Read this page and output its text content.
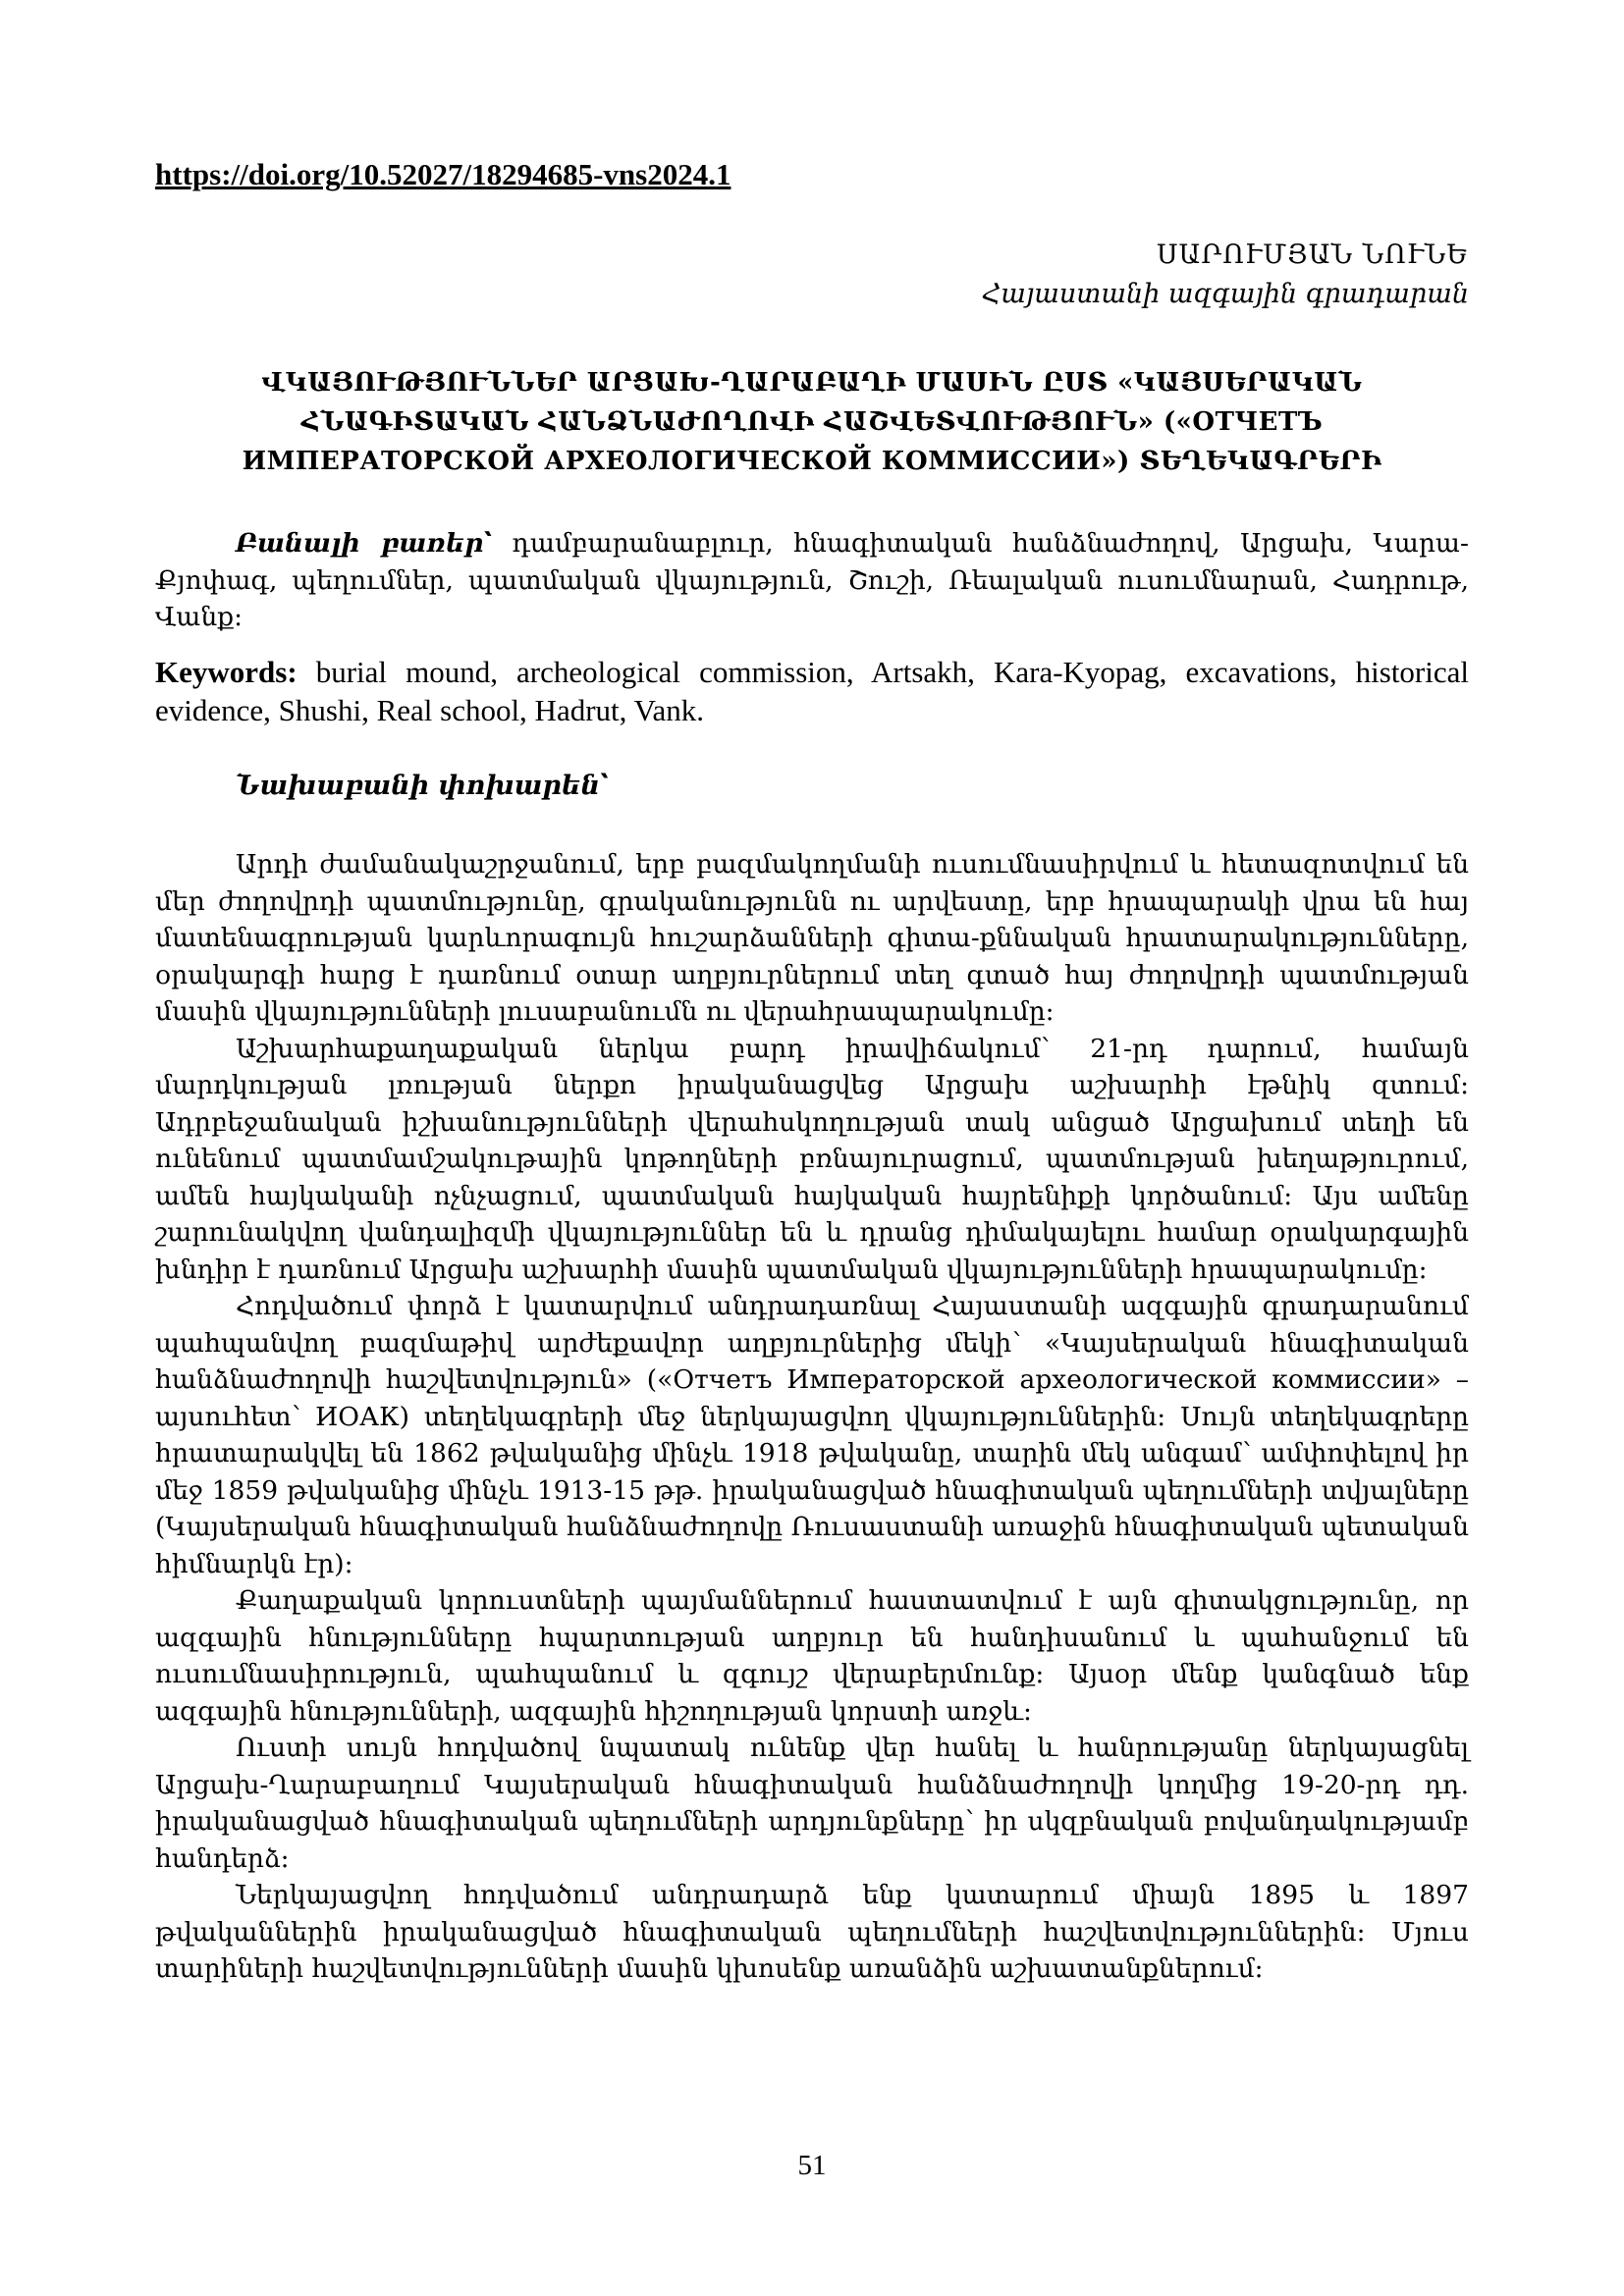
https://doi.org/10.52027/18294685-vns2024.1
ՍԱՐՈՒՄՅԱՆ ՆՈՒՆԵ
Հայաստանի ազգային գրադարան
ՎԿԱՅՈՒԹՅՈՒՆՆԵՐ ԱՐՑԱԽ-ՂԱՐԱԲԱՂԻ ՄԱՍԻՆ ԸՍՏ «ԿԱՅՍԵՐԱԿԱՆ ՀՆԱԳԻՏԱԿԱՆ ՀԱՆՁՆԱԺՈՂՈՎԻ ՀԱՇՎԵՏՎՈՒԹՅՈՒՆ» («ОТЧЕТЪ ИМПЕРАТОРСКОЙ АРХЕОЛОГИЧЕСКОЙ КОММИССИИ») ՏԵՂԵԿԱԳՐԵՐԻ
Բանալի բառեր՝ դամբարանաբլուր, հնագիտական հանձնաժողով, Արցախ, Կարա-Քյոփագ, պեղումներ, պատմական վկայություն, Շուշի, Ռեալական ուսումնարան, Հադրութ, Վանք:
Keywords: burial mound, archeological commission, Artsakh, Kara-Kyopag, excavations, historical evidence, Shushi, Real school, Hadrut, Vank.
Նախաբանի փոխարեն՝

Արդի ժամանակաշրջանում, երբ բազմակողմանի ուսումնասիրվում և հետազոտվում են մեր ժողովրդի պատմությունը, գրականությունն ու արվեստը, երբ հրապարակի վրա են հայ մատենագրության կարևորագույն հուշարձանների գիտա-քննական հրատարակությունները, օրակարգի հարց է դառնում օտար աղբյուրներում տեղ գտած հայ ժողովրդի պատմության մասին վկայությունների լուսաբանումն ու վերահրապարակումը:

Աշխարհաքաղաքական ներկա բարդ իրավիճակում՝ 21-րդ դարում, համայն մարդկության լռության ներքո իրականացվեց Արցախ աշխարհի էթնիկ զտում: Ադրբեջանական իշխանությունների վերահսկողության տակ անցած Արցախում տեղի են ունենում պատմամշակութային կոթողների բռնայուրացում, պատմության խեղաթյուրում, ամեն հայկականի ոչնչացում, պատմական հայկական հայրենիքի կործանում: Այս ամենը շարունակվող վանդալիզմի վկայություններ են և դրանց դիմակայելու համար օրակարգային խնդիր է դառնում Արցախ աշխարհի մասին պատմական վկայությունների հրապարակումը:

Հոդվածում փորձ է կատարվում անդրադառնալ Հայաստանի ազգային գրադարանում պահպանվող բազմաթիվ արժեքավոր աղբյուրներից մեկի՝ «Կայսերական հնագիտական հանձնաժողովի հաշվետվություն» («Отчетъ Императорской археологической коммиссии» – այսուհետ՝ ИОАК) տեղեկագրերի մեջ ներկայացվող վկայություններին: Սույն տեղեկագրերը հրատարակվել են 1862 թվականից մինչև 1918 թվականը, տարին մեկ անգամ՝ ամփոփելով իր մեջ 1859 թվականից մինչև 1913-15 թթ. իրականացված հնագիտական պեղումների տվյալները (Կայսերական հնագիտական հանձնաժողովը Ռուսաստանի առաջին հնագիտական պետական հիմնարկն էր):

Քաղաքական կորուստների պայմաններում հաստատվում է այն գիտակցությունը, որ ազգային հնությունները հպարտության աղբյուր են հանդիսանում և պահանջում են ուսումնասիրություն, պահպանում և զգույշ վերաբերմունք: Այսօր մենք կանգնած ենք ազգային հնությունների, ազգային հիշողության կորստի առջև:

Ուստի սույն հոդվածով նպատակ ունենք վեր հանել և հանրությանը ներկայացնել Արցախ-Ղարաբաղում Կայսերական հնագիտական հանձնաժողովի կողմից 19-20-րդ դդ. իրականացված հնագիտական պեղումների արդյունքները՝ իր սկզբնական բովանդակությամբ հանդերձ:

Ներկայացվող հոդվածում անդրադարձ ենք կատարում միայն 1895 և 1897 թվականներին իրականացված հնագիտական պեղումների հաշվետվություններին: Մյուս տարիների հաշվետվությունների մասին կխոսենք առանձին աշխատանքներում:

51
